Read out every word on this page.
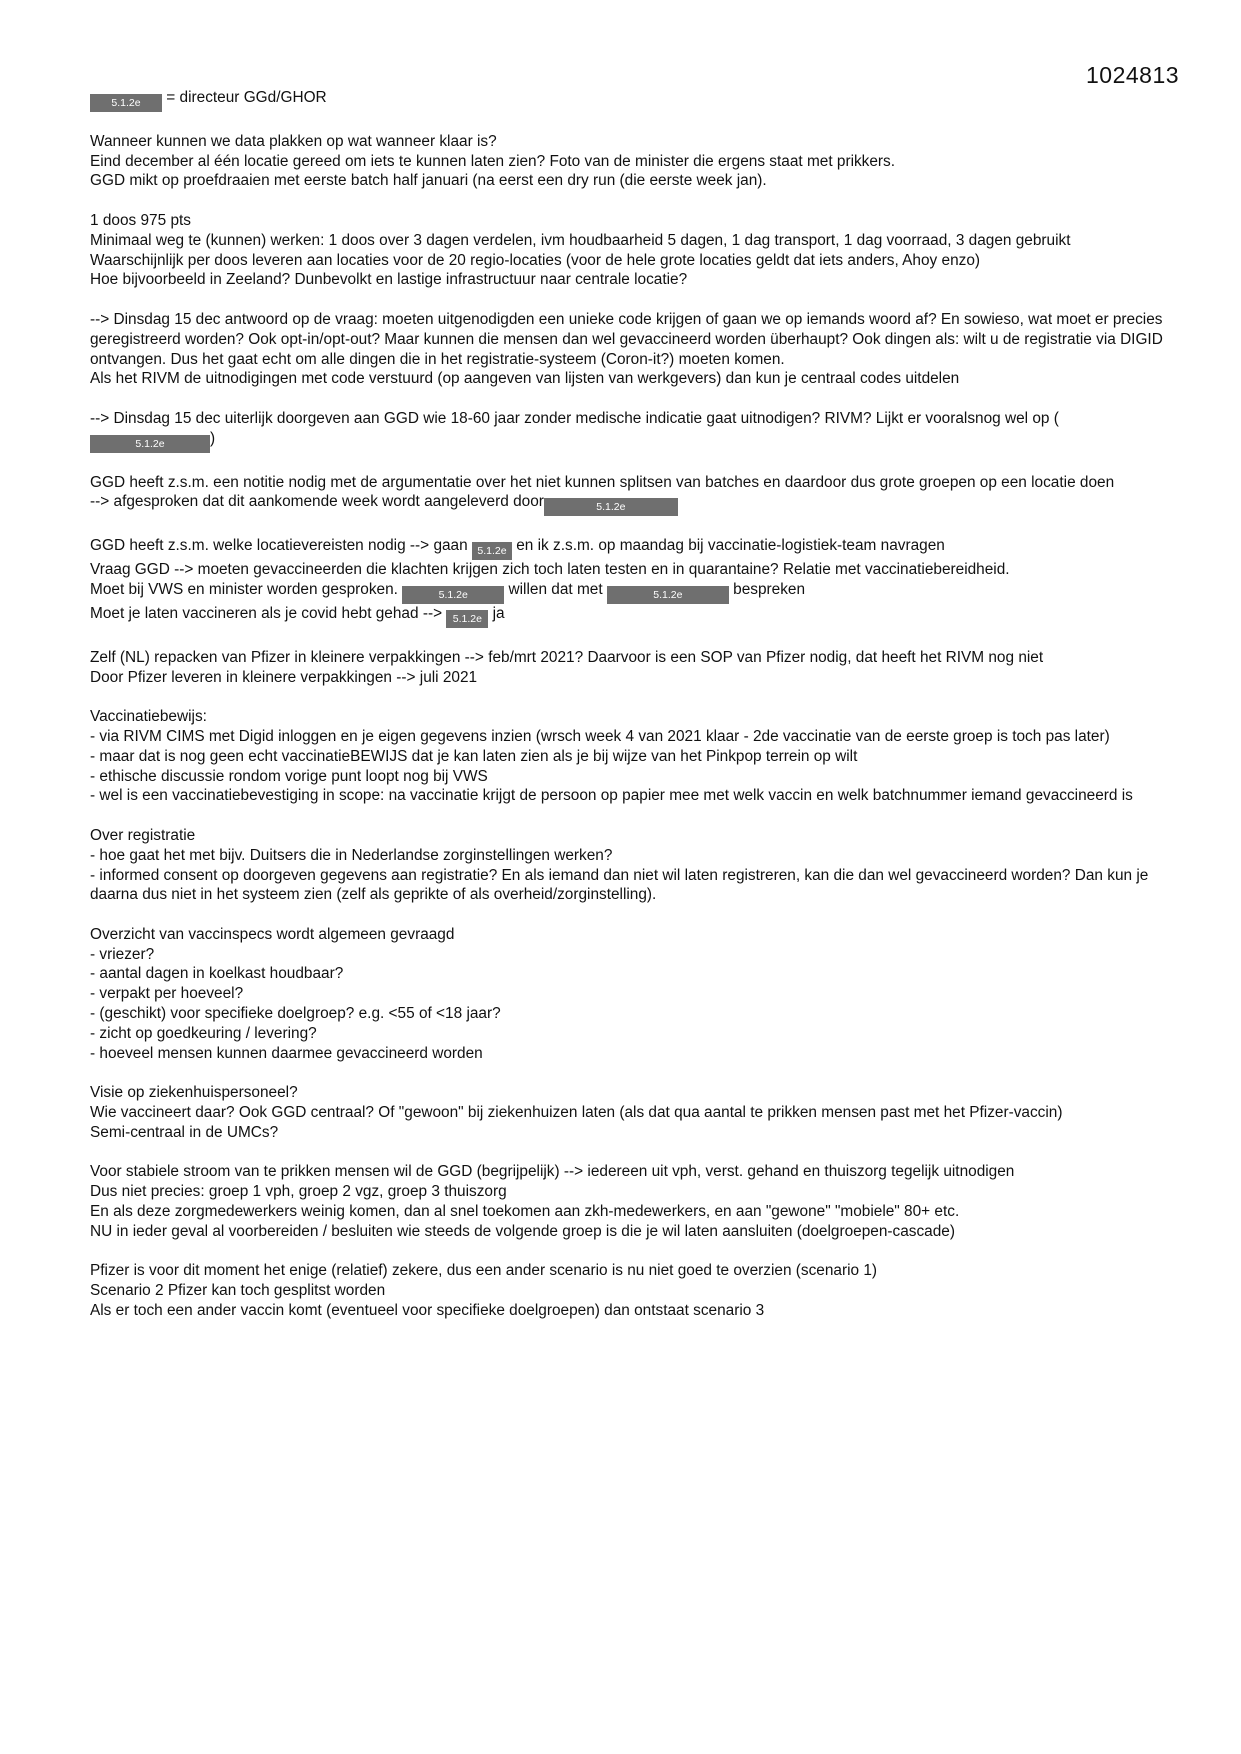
1024813
5.1.2e = directeur GGd/GHOR
Wanneer kunnen we data plakken op wat wanneer klaar is?
Eind december al één locatie gereed om iets te kunnen laten zien? Foto van de minister die ergens staat met prikkers.
GGD mikt op proefdraaien met eerste batch half januari (na eerst een dry run (die eerste week jan).
1 doos 975 pts
Minimaal weg te (kunnen) werken: 1 doos over 3 dagen verdelen, ivm houdbaarheid 5 dagen, 1 dag transport, 1 dag voorraad, 3 dagen gebruikt
Waarschijnlijk per doos leveren aan locaties voor de 20 regio-locaties (voor de hele grote locaties geldt dat iets anders, Ahoy enzo)
Hoe bijvoorbeeld in Zeeland? Dunbevolkt en lastige infrastructuur naar centrale locatie?
--> Dinsdag 15 dec antwoord op de vraag: moeten uitgenodigden een unieke code krijgen of gaan we op iemands woord af? En sowieso, wat moet er precies geregistreerd worden? Ook opt-in/opt-out? Maar kunnen die mensen dan wel gevaccineerd worden überhaupt? Ook dingen als: wilt u de registratie via DIGID ontvangen. Dus het gaat echt om alle dingen die in het registratie-systeem (Coron-it?) moeten komen.
Als het RIVM de uitnodigingen met code verstuurd (op aangeven van lijsten van werkgevers) dan kun je centraal codes uitdelen
--> Dinsdag 15 dec uiterlijk doorgeven aan GGD wie 18-60 jaar zonder medische indicatie gaat uitnodigen? RIVM? Lijkt er vooralsnog wel op (5.1.2e	)
GGD heeft z.s.m. een notitie nodig met de argumentatie over het niet kunnen splitsen van batches en daardoor dus grote groepen op een locatie doen
--> afgesproken dat dit aankomende week wordt aangeleverd door	5.1.2e
GGD heeft z.s.m. welke locatievereisten nodig --> gaan 5.1.2e en ik z.s.m. op maandag bij vaccinatie-logistiek-team navragen
Vraag GGD --> moeten gevaccineerden die klachten krijgen zich toch laten testen en in quarantaine? Relatie met vaccinatiebereidheid.
Moet bij VWS en minister worden gesproken.	5.1.2e willen dat met	5.1.2e	bespreken
Moet je laten vaccineren als je covid hebt gehad --> 5.1.2e ja
Zelf (NL) repacken van Pfizer in kleinere verpakkingen --> feb/mrt 2021? Daarvoor is een SOP van Pfizer nodig, dat heeft het RIVM nog niet
Door Pfizer leveren in kleinere verpakkingen --> juli 2021
Vaccinatiebewijs:
- via RIVM CIMS met Digid inloggen en je eigen gegevens inzien (wrsch week 4 van 2021 klaar - 2de vaccinatie van de eerste groep is toch pas later)
- maar dat is nog geen echt vaccinatieBEWIJS dat je kan laten zien als je bij wijze van het Pinkpop terrein op wilt
- ethische discussie rondom vorige punt loopt nog bij VWS
- wel is een vaccinatiebevestiging in scope: na vaccinatie krijgt de persoon op papier mee met welk vaccin en welk batchnummer iemand gevaccineerd is
Over registratie
- hoe gaat het met bijv. Duitsers die in Nederlandse zorginstellingen werken?
- informed consent op doorgeven gegevens aan registratie? En als iemand dan niet wil laten registreren, kan die dan wel gevaccineerd worden? Dan kun je daarna dus niet in het systeem zien (zelf als geprikte of als overheid/zorginstelling).
Overzicht van vaccinspecs wordt algemeen gevraagd
- vriezer?
- aantal dagen in koelkast houdbaar?
- verpakt per hoeveel?
- (geschikt) voor specifieke doelgroep? e.g. <55 of <18 jaar?
- zicht op goedkeuring / levering?
- hoeveel mensen kunnen daarmee gevaccineerd worden
Visie op ziekenhuispersoneel?
Wie vaccineert daar? Ook GGD centraal? Of "gewoon" bij ziekenhuizen laten (als dat qua aantal te prikken mensen past met het Pfizer-vaccin)
Semi-centraal in de UMCs?
Voor stabiele stroom van te prikken mensen wil de GGD (begrijpelijk) --> iedereen uit vph, verst. gehand en thuiszorg tegelijk uitnodigen
Dus niet precies: groep 1 vph, groep 2 vgz, groep 3 thuiszorg
En als deze zorgmedewerkers weinig komen, dan al snel toekomen aan zkh-medewerkers, en aan "gewone" "mobiele" 80+ etc.
NU in ieder geval al voorbereiden / besluiten wie steeds de volgende groep is die je wil laten aansluiten (doelgroepen-cascade)
Pfizer is voor dit moment het enige (relatief) zekere, dus een ander scenario is nu niet goed te overzien (scenario 1)
Scenario 2 Pfizer kan toch gesplitst worden
Als er toch een ander vaccin komt (eventueel voor specifieke doelgroepen) dan ontstaat scenario 3
